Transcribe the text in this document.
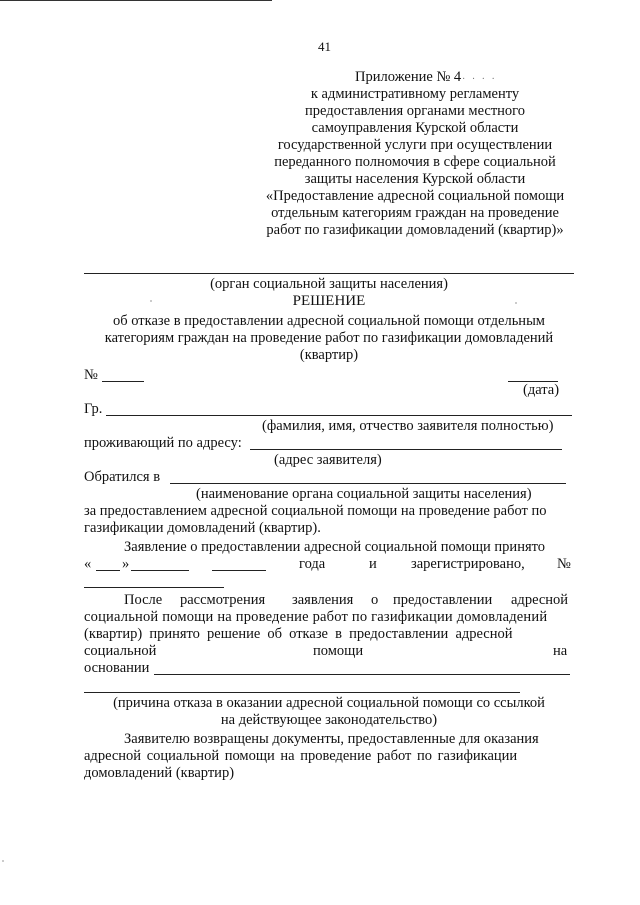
41
Приложение № 4 · · · ·
к административному регламенту
предоставления органами местного
самоуправления Курской области
государственной услуги при осуществлении
переданного полномочия в сфере социальной
защиты населения Курской области
«Предоставление адресной социальной помощи
отдельным категориям граждан на проведение
работ по газификации домовладений (квартир)»
(орган социальной защиты населения)
РЕШЕНИЕ
об отказе в предоставлении адресной социальной помощи отдельным
категориям граждан на проведение работ по газификации домовладений
(квартир)
№
(дата)
Гр.
(фамилия, имя, отчество заявителя полностью)
проживающий по адресу:
(адрес заявителя)
Обратился в
(наименование органа социальной защиты населения)
за предоставлением адресной социальной помощи на проведение работ по
газификации домовладений (квартир).
Заявление о предоставлении адресной социальной помощи принято
« »	года	и зарегистрировано, №
После рассмотрения заявления о предоставлении адресной
социальной помощи на проведение работ по газификации домовладений
(квартир) принято решение об отказе в предоставлении адресной
социальной	помощи	на
основании
(причина отказа в оказании адресной социальной помощи со ссылкой
на действующее законодательство)
Заявителю возвращены документы, предоставленные для оказания
адресной социальной помощи на проведение работ по газификации
домовладений (квартир)
